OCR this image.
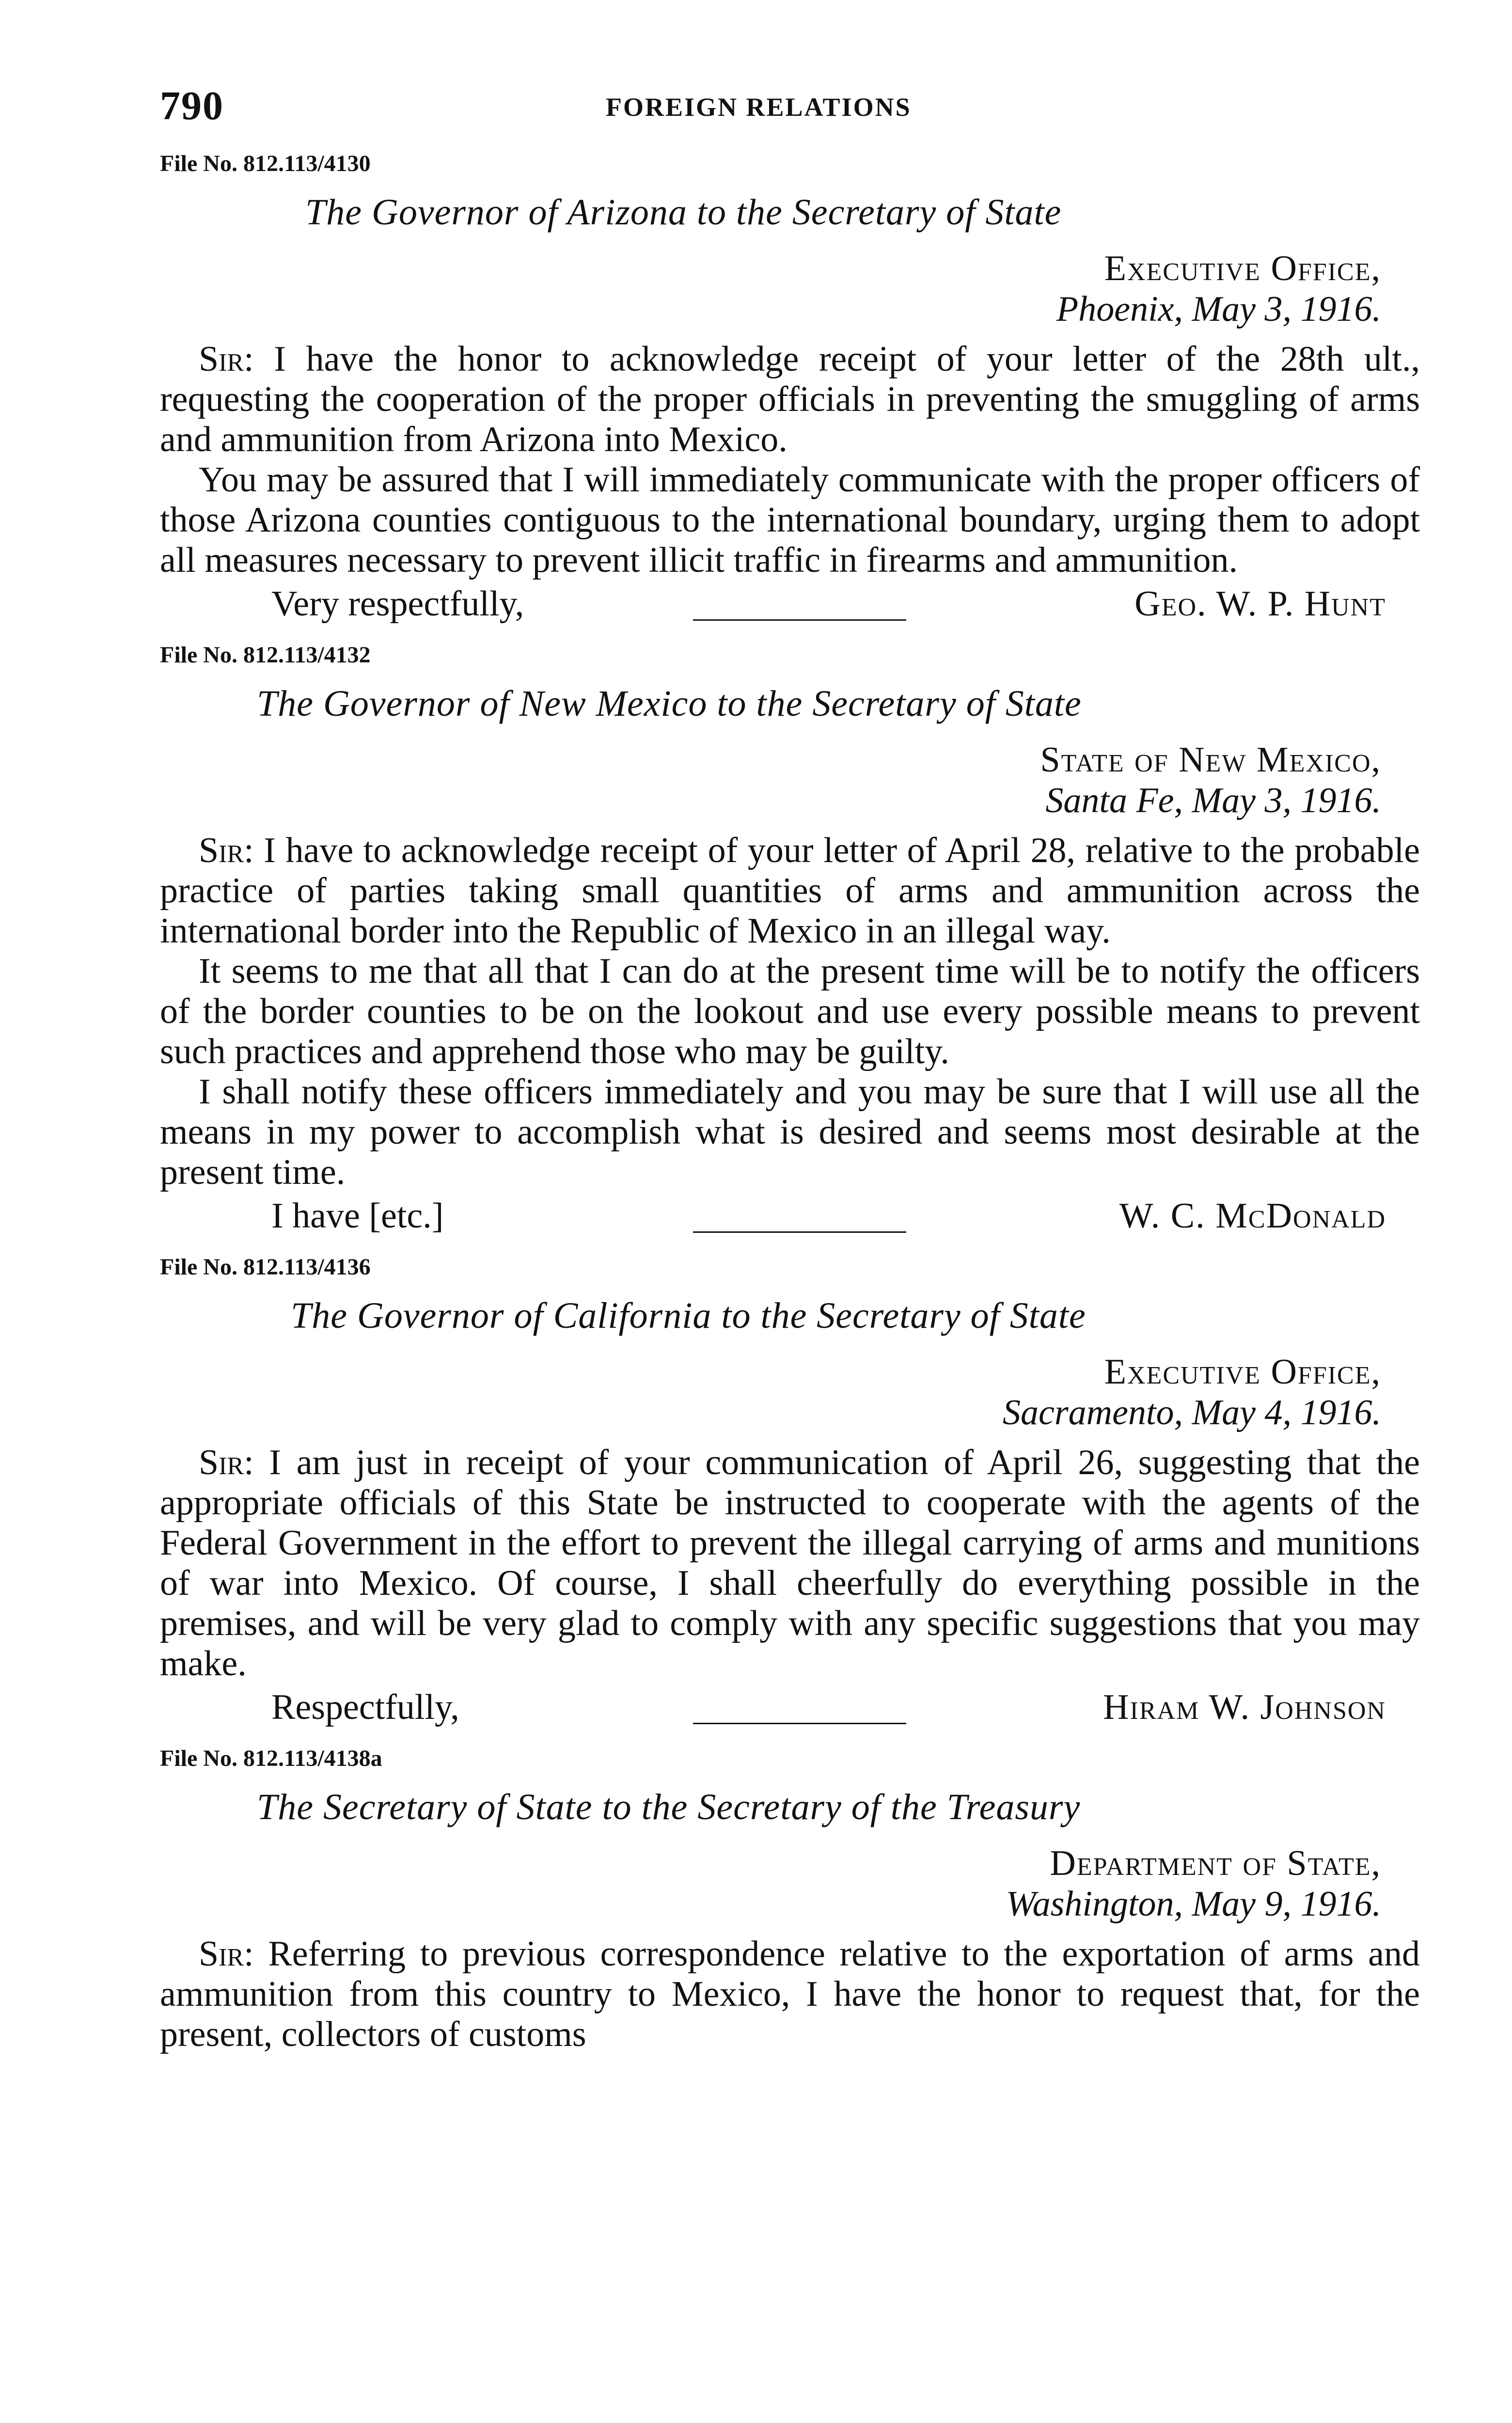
790	FOREIGN RELATIONS
File No. 812.113/4130
The Governor of Arizona to the Secretary of State
Executive Office,
Phoenix, May 3, 1916.

Sir: I have the honor to acknowledge receipt of your letter of the 28th ult., requesting the cooperation of the proper officials in preventing the smuggling of arms and ammunition from Arizona into Mexico.

You may be assured that I will immediately communicate with the proper officers of those Arizona counties contiguous to the international boundary, urging them to adopt all measures necessary to prevent illicit traffic in firearms and ammunition.

Very respectfully,	Geo. W. P. Hunt
File No. 812.113/4132
The Governor of New Mexico to the Secretary of State
State of New Mexico,
Santa Fe, May 3, 1916.

Sir: I have to acknowledge receipt of your letter of April 28, relative to the probable practice of parties taking small quantities of arms and ammunition across the international border into the Republic of Mexico in an illegal way.

It seems to me that all that I can do at the present time will be to notify the officers of the border counties to be on the lookout and use every possible means to prevent such practices and apprehend those who may be guilty.

I shall notify these officers immediately and you may be sure that I will use all the means in my power to accomplish what is desired and seems most desirable at the present time.

I have [etc.]	W. C. McDonald
File No. 812.113/4136
The Governor of California to the Secretary of State
Executive Office,
Sacramento, May 4, 1916.

Sir: I am just in receipt of your communication of April 26, suggesting that the appropriate officials of this State be instructed to cooperate with the agents of the Federal Government in the effort to prevent the illegal carrying of arms and munitions of war into Mexico. Of course, I shall cheerfully do everything possible in the premises, and will be very glad to comply with any specific suggestions that you may make.

Respectfully,	Hiram W. Johnson
File No. 812.113/4138a
The Secretary of State to the Secretary of the Treasury
Department of State,
Washington, May 9, 1916.

Sir: Referring to previous correspondence relative to the exportation of arms and ammunition from this country to Mexico, I have the honor to request that, for the present, collectors of customs
